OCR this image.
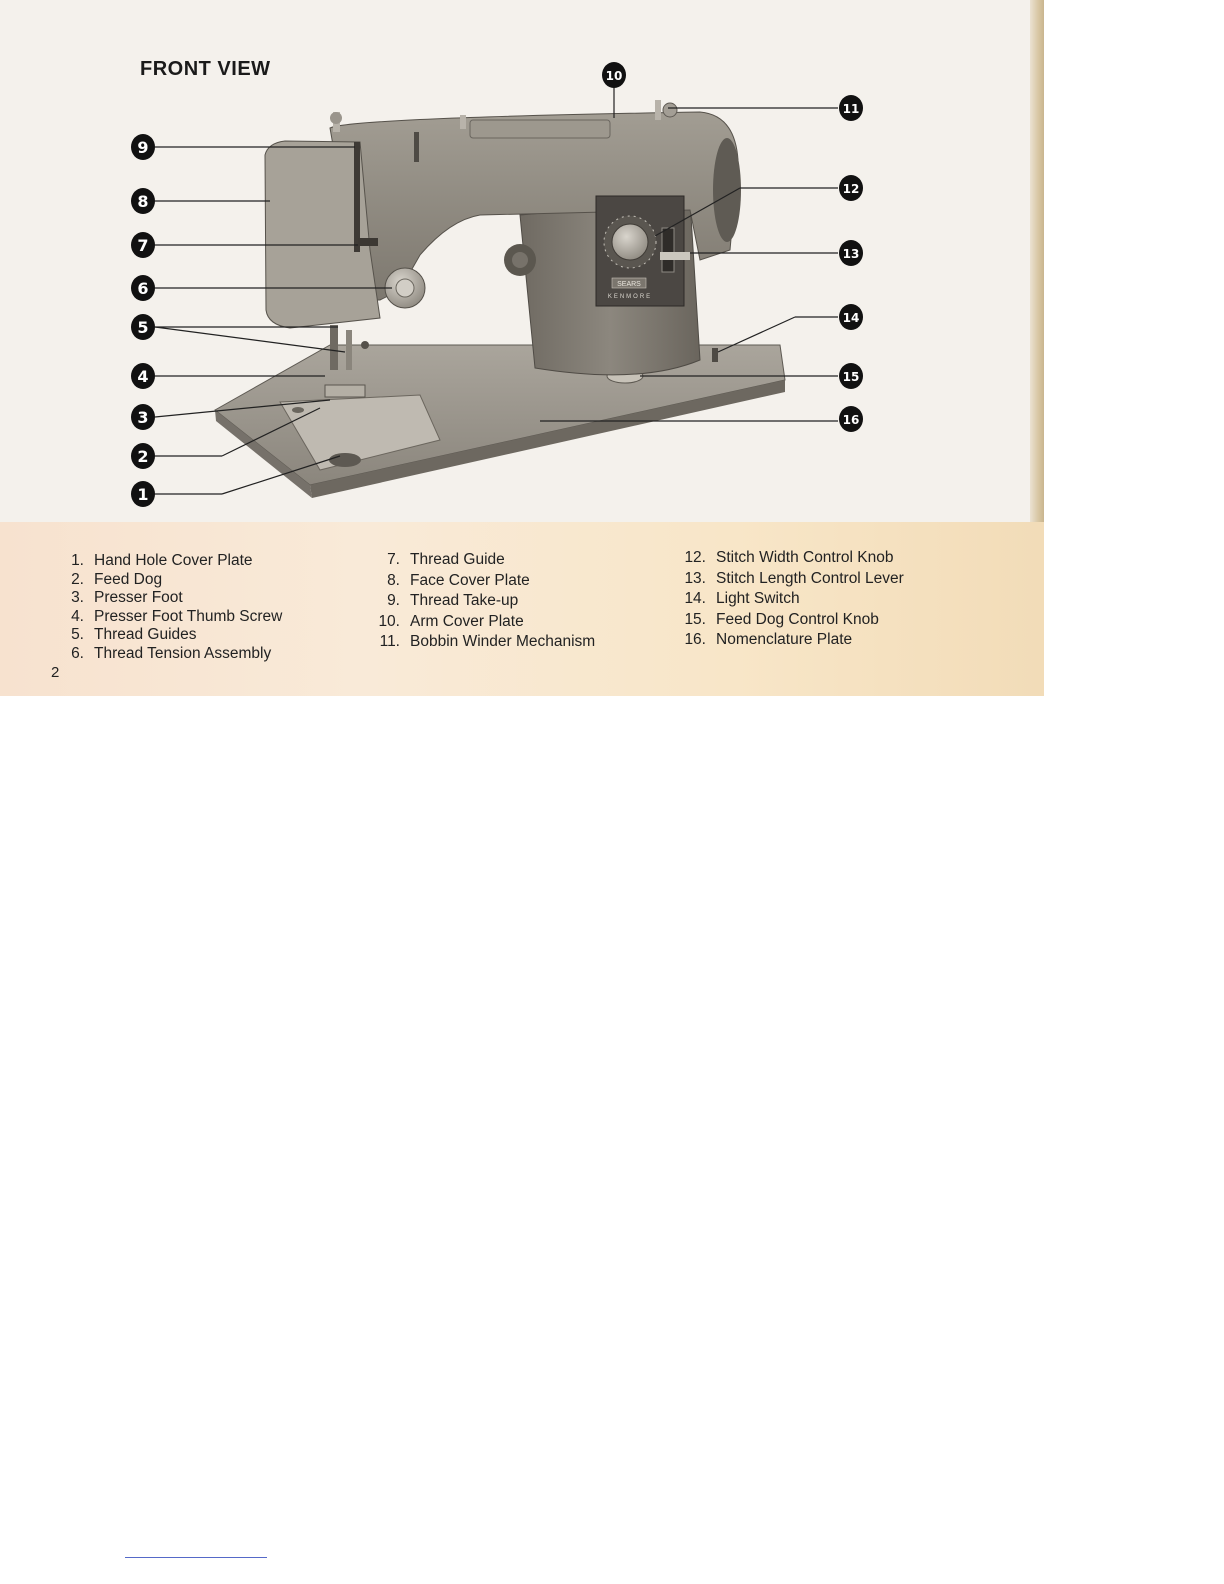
FRONT VIEW
SEARS
KENMORE
1
2
3
4
5
6
7
8
9
10
11
12
13
14
15
16
1. Hand Hole Cover Plate
2. Feed Dog
3. Presser Foot
4. Presser Foot Thumb Screw
5. Thread Guides
6. Thread Tension Assembly
7. Thread Guide
8. Face Cover Plate
9. Thread Take-up
10. Arm Cover Plate
11. Bobbin Winder Mechanism
12. Stitch Width Control Knob
13. Stitch Length Control Lever
14. Light Switch
15. Feed Dog Control Knob
16. Nomenclature Plate
2
